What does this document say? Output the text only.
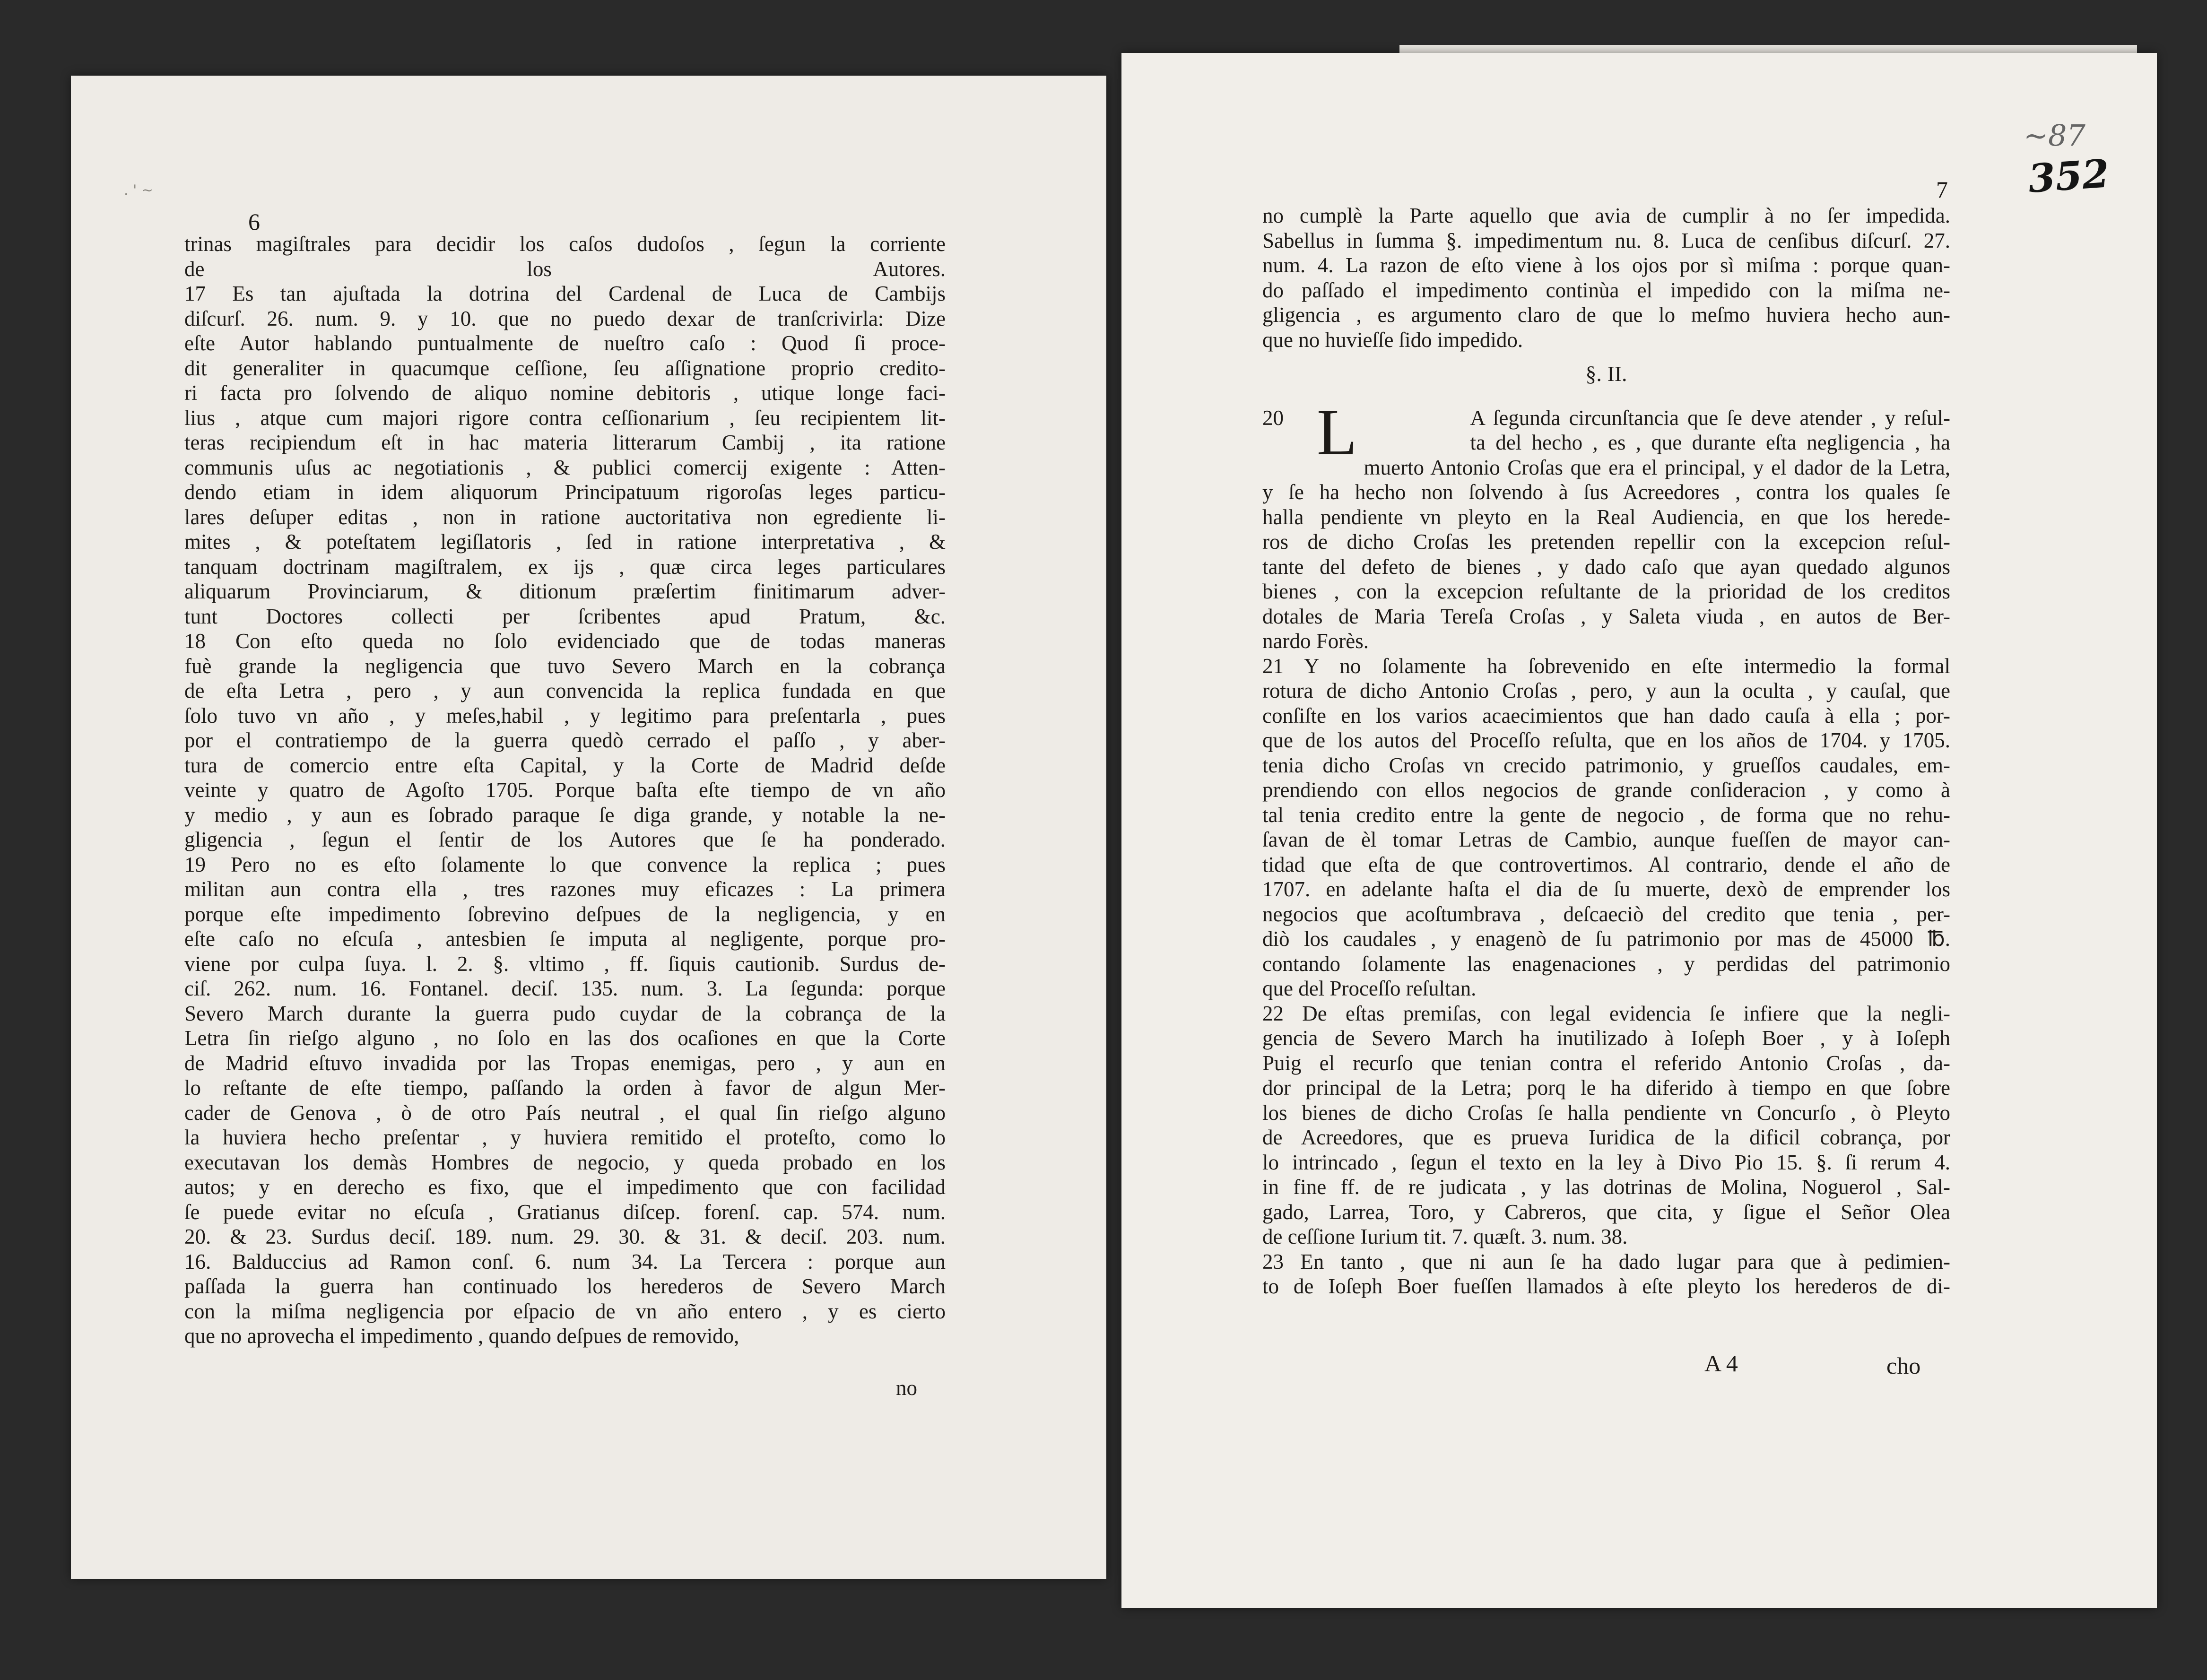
. ' ~
6
trinas magiſtrales para decidir los caſos dudoſos , ſegun la corriente
de los Autores.
17 Es tan ajuſtada la dotrina del Cardenal de Luca de Cambijs
diſcurſ. 26. num. 9. y 10. que no puedo dexar de tranſcrivirla: Dize
eſte Autor hablando puntualmente de nueſtro caſo : Quod ſi proce-
dit generaliter in quacumque ceſſione, ſeu aſſignatione proprio credito-
ri facta pro ſolvendo de aliquo nomine debitoris , utique longe faci-
lius , atque cum majori rigore contra ceſſionarium , ſeu recipientem lit-
teras recipiendum eſt in hac materia litterarum Cambij , ita ratione
communis uſus ac negotiationis , & publici comercij exigente : Atten-
dendo etiam in idem aliquorum Principatuum rigoroſas leges particu-
lares deſuper editas , non in ratione auctoritativa non egrediente li-
mites , & poteſtatem legiſlatoris , ſed in ratione interpretativa , &
tanquam doctrinam magiſtralem, ex ijs , quæ circa leges particulares
aliquarum Provinciarum, & ditionum præſertim finitimarum adver-
tunt Doctores collecti per ſcribentes apud Pratum, &c.
18 Con eſto queda no ſolo evidenciado que de todas maneras
fuè grande la negligencia que tuvo Severo March en la cobrança
de eſta Letra , pero , y aun convencida la replica fundada en que
ſolo tuvo vn año , y meſes,habil , y legitimo para preſentarla , pues
por el contratiempo de la guerra quedò cerrado el paſſo , y aber-
tura de comercio entre eſta Capital, y la Corte de Madrid deſde
veinte y quatro de Agoſto 1705. Porque baſta eſte tiempo de vn año
y medio , y aun es ſobrado paraque ſe diga grande, y notable la ne-
gligencia , ſegun el ſentir de los Autores que ſe ha ponderado.
19 Pero no es eſto ſolamente lo que convence la replica ; pues
militan aun contra ella , tres razones muy eficazes : La primera
porque eſte impedimento ſobrevino deſpues de la negligencia, y en
eſte caſo no eſcuſa , antesbien ſe imputa al negligente, porque pro-
viene por culpa ſuya. l. 2. §. vltimo , ff. ſiquis cautionib. Surdus de-
ciſ. 262. num. 16. Fontanel. deciſ. 135. num. 3. La ſegunda: porque
Severo March durante la guerra pudo cuydar de la cobrança de la
Letra ſin rieſgo alguno , no ſolo en las dos ocaſiones en que la Corte
de Madrid eſtuvo invadida por las Tropas enemigas, pero , y aun en
lo reſtante de eſte tiempo, paſſando la orden à favor de algun Mer-
cader de Genova , ò de otro País neutral , el qual ſin rieſgo alguno
la huviera hecho preſentar , y huviera remitido el proteſto, como lo
executavan los demàs Hombres de negocio, y queda probado en los
autos; y en derecho es fixo, que el impedimento que con facilidad
ſe puede evitar no eſcuſa , Gratianus diſcep. forenſ. cap. 574. num.
20. & 23. Surdus deciſ. 189. num. 29. 30. & 31. & deciſ. 203. num.
16. Balduccius ad Ramon conſ. 6. num 34. La Tercera : porque aun
paſſada la guerra han continuado los herederos de Severo March
con la miſma negligencia por eſpacio de vn año entero , y es cierto
que no aprovecha el impedimento , quando deſpues de removido,
no
~87
352
7
no cumplè la Parte aquello que avia de cumplir à no ſer impedida.
Sabellus in ſumma §. impedimentum nu. 8. Luca de cenſibus diſcurſ. 27.
num. 4. La razon de eſto viene à los ojos por sì miſma : porque quan-
do paſſado el impedimento continùa el impedido con la miſma ne-
gligencia , es argumento claro de que lo meſmo huviera hecho aun-
que no huvieſſe ſido impedido.

§. II.

20 L	A ſegunda circunſtancia que ſe deve atender , y reſul-
ta del hecho , es , que durante eſta negligencia , ha
muerto Antonio Croſas que era el principal, y el dador de la Letra,
y ſe ha hecho non ſolvendo à ſus Acreedores , contra los quales ſe
halla pendiente vn pleyto en la Real Audiencia, en que los herede-
ros de dicho Croſas les pretenden repellir con la excepcion reſul-
tante del defeto de bienes , y dado caſo que ayan quedado algunos
bienes , con la excepcion reſultante de la prioridad de los creditos
dotales de Maria Tereſa Croſas , y Saleta viuda , en autos de Ber-
nardo Forès.
21 Y no ſolamente ha ſobrevenido en eſte intermedio la formal
rotura de dicho Antonio Croſas , pero, y aun la oculta , y cauſal, que
conſiſte en los varios acaecimientos que han dado cauſa à ella ; por-
que de los autos del Proceſſo reſulta, que en los años de 1704. y 1705.
tenia dicho Croſas vn crecido patrimonio, y grueſſos caudales, em-
prendiendo con ellos negocios de grande conſideracion , y como à
tal tenia credito entre la gente de negocio , de forma que no rehu-
ſavan de èl tomar Letras de Cambio, aunque fueſſen de mayor can-
tidad que eſta de que controvertimos. Al contrario, dende el año de
1707. en adelante haſta el dia de ſu muerte, dexò de emprender los
negocios que acoſtumbrava , deſcaeciò del credito que tenia , per-
diò los caudales , y enagenò de ſu patrimonio por mas de 45000 ℔.
contando ſolamente las enagenaciones , y perdidas del patrimonio
que del Proceſſo reſultan.
22 De eſtas premiſas, con legal evidencia ſe infiere que la negli-
gencia de Severo March ha inutilizado à Ioſeph Boer , y à Ioſeph
Puig el recurſo que tenian contra el referido Antonio Croſas , da-
dor principal de la Letra; porq le ha diferido à tiempo en que ſobre
los bienes de dicho Croſas ſe halla pendiente vn Concurſo , ò Pleyto
de Acreedores, que es prueva Iuridica de la dificil cobrança, por
lo intrincado , ſegun el texto en la ley à Divo Pio 15. §. ſi rerum 4.
in fine ff. de re judicata , y las dotrinas de Molina, Noguerol , Sal-
gado, Larrea, Toro, y Cabreros, que cita, y ſigue el Señor Olea
de ceſſione Iurium tit. 7. quæſt. 3. num. 38.
23 En tanto , que ni aun ſe ha dado lugar para que à pedimien-
to de Ioſeph Boer fueſſen llamados à eſte pleyto los herederos de di-
A 4	cho
